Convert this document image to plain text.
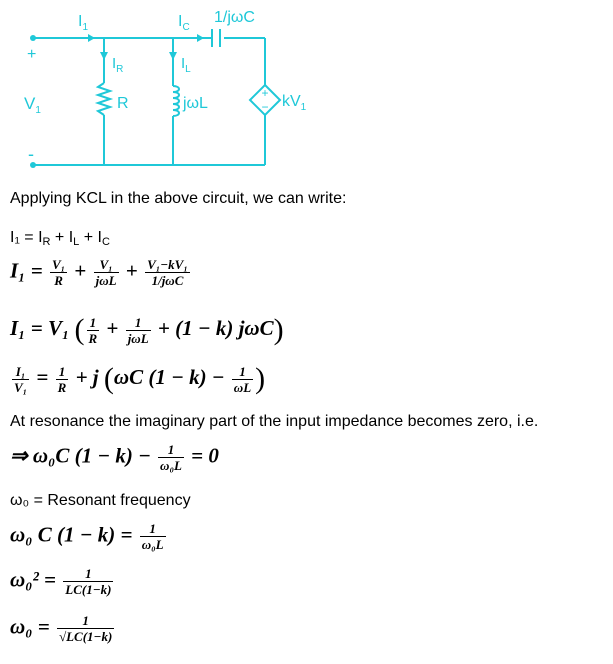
+
−
$I_1$	$I_C$
1/jωC
+
-
$V_1$
$I_R$
R
$I_L$
jωL	$kV_1$
Applying KCL in the above circuit, we can write:
$I_1 = I_R + I_L + I_C$
$I_1 = \frac{\text{V₁}}{R} + \frac{\text{V₁}}{\text{jωL}} + \frac{\text{V₁−kV₁}}{\text{1/jωC}}$
I₁ = V₁ ( $\frac{1}{R} + \frac{1}{\text{jωL}} + (1 - k)$ jωC)
$\frac{\text{I₁}}{\text{V₁}} = \frac{1}{R} + j$ (ωC $(1 - k) - \frac{1}{\omega L}$ )
At resonance the imaginary part of the input impedance becomes zero, i.e.
⇒ ω₀C $(1 - k) - \frac{1}{\text{ω₀L}} = 0$
ω₀ = Resonant frequency
ω₀ C $(1 - k) = \frac{1}{\text{ω₀L}}$
$\omega_0^2 = \frac{1}{LC(1-k)}$
$\omega_0 = \frac{1}{√LC(1-k)}$
